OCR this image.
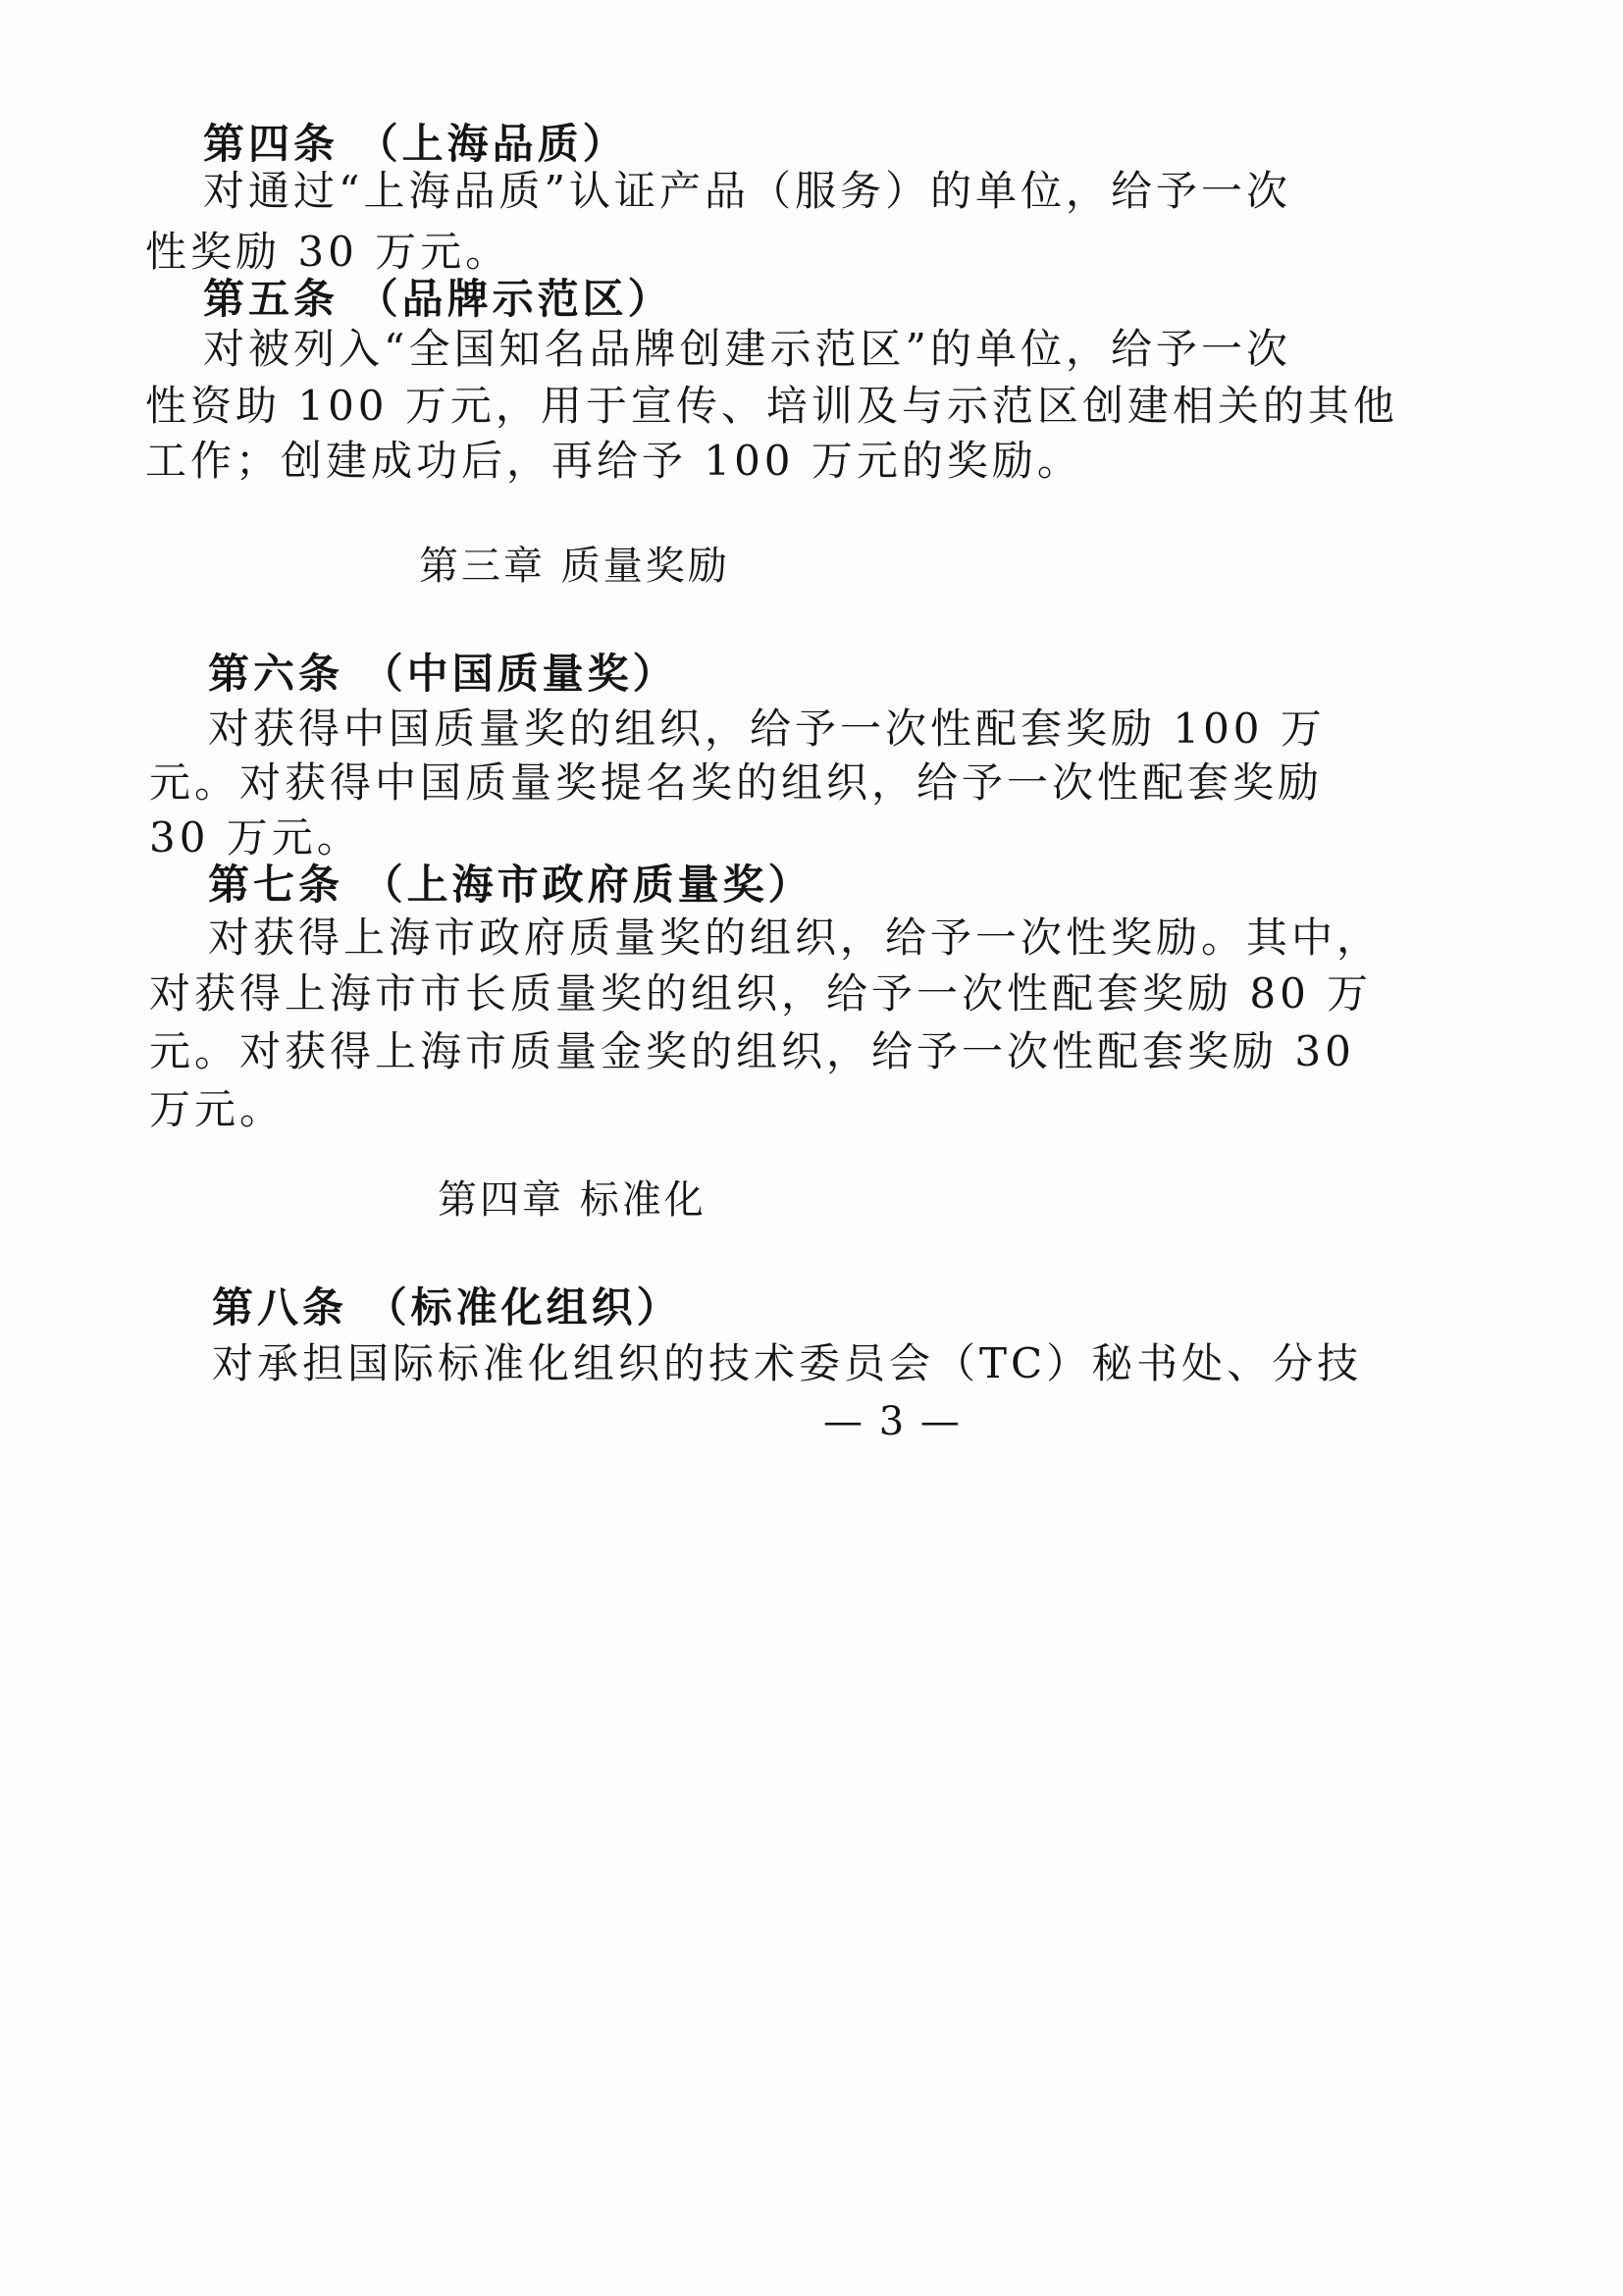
第四条 （上海品质）
对通过“上海品质”认证产品（服务）的单位，给予一次
性奖励 30 万元。
第五条 （品牌示范区）
对被列入“全国知名品牌创建示范区”的单位，给予一次
性资助 100 万元，用于宣传、培训及与示范区创建相关的其他
工作；创建成功后，再给予 100 万元的奖励。
第三章 质量奖励
第六条 （中国质量奖）
对获得中国质量奖的组织，给予一次性配套奖励 100 万
元。对获得中国质量奖提名奖的组织，给予一次性配套奖励
30 万元。
第七条 （上海市政府质量奖）
对获得上海市政府质量奖的组织，给予一次性奖励。其中，
对获得上海市市长质量奖的组织，给予一次性配套奖励 80 万
元。对获得上海市质量金奖的组织，给予一次性配套奖励 30
万元。
第四章 标准化
第八条 （标准化组织）
对承担国际标准化组织的技术委员会（TC）秘书处、分技
— 3 —
